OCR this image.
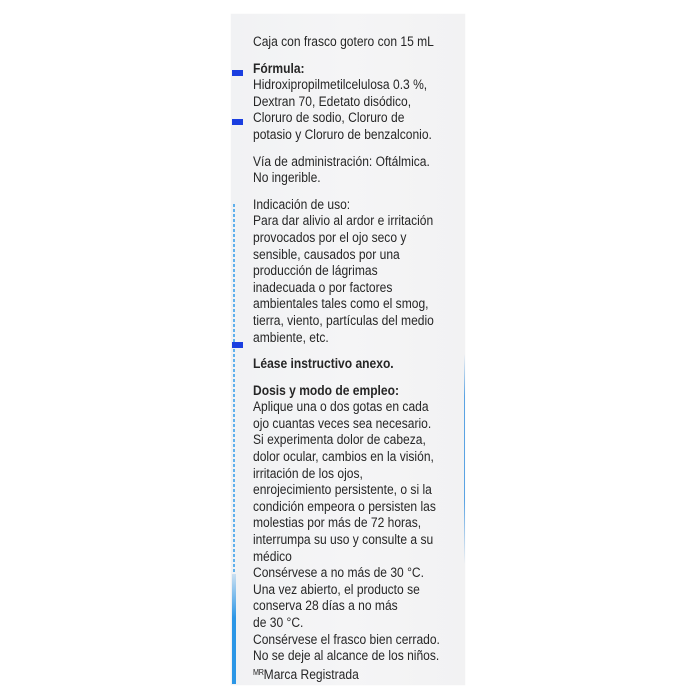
Caja con frasco gotero con 15 mL

Fórmula:

Hidroxipropilmetilcelulosa 0.3 %,

Dextran 70, Edetato disódico,

Cloruro de sodio, Cloruro de

potasio y Cloruro de benzalconio.

Vía de administración: Oftálmica.

No ingerible.

Indicación de uso:

Para dar alivio al ardor e irritación

provocados por el ojo seco y

sensible, causados por una

producción de lágrimas

inadecuada o por factores

ambientales tales como el smog,

tierra, viento, partículas del medio

ambiente, etc.

Léase instructivo anexo.

Dosis y modo de empleo:

Aplique una o dos gotas en cada

ojo cuantas veces sea necesario.

Si experimenta dolor de cabeza,

dolor ocular, cambios en la visión,

irritación de los ojos,

enrojecimiento persistente, o si la

condición empeora o persisten las

molestias por más de 72 horas,

interrumpa su uso y consulte a su

médico

Consérvese a no más de 30 °C.

Una vez abierto, el producto se

conserva 28 días a no más

de 30 °C.

Consérvese el frasco bien cerrado.

No se deje al alcance de los niños.

$^{MR}$Marca Registrada
